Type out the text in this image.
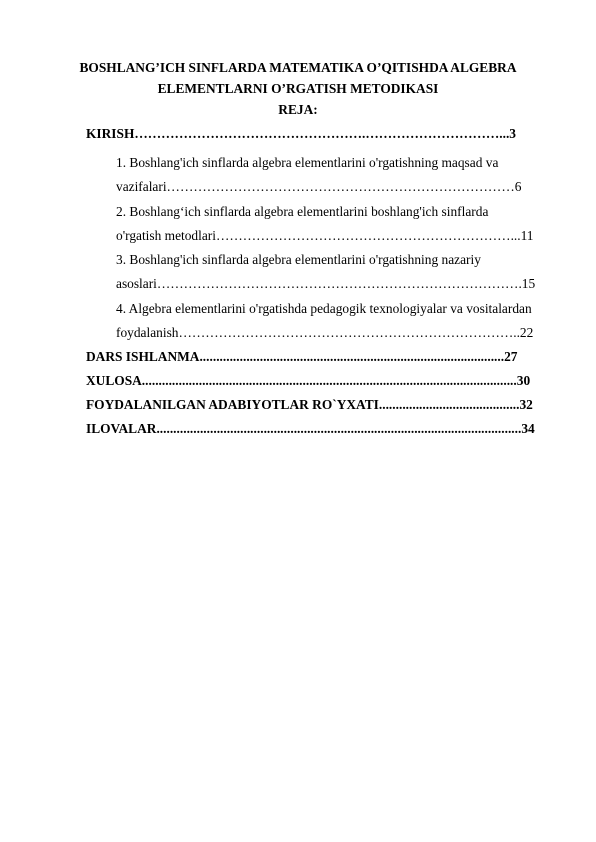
BOSHLANG’ICH SINFLARDA MATEMATIKA O’QITISHDA ALGEBRA
ELEMENTLARNI O’RGATISH METODIKASI
REJA:
KIRISH…………………………………………….…………………………...3
1. Boshlang'ich sinflarda algebra elementlarini o'rgatishning maqsad va
vazifalari……………………………………………………………………6
2. Boshlang‘ich sinflarda algebra elementlarini boshlang'ich sinflarda
o'rgatish metodlari…………………………………………………………...11
3. Boshlang'ich sinflarda algebra elementlarini o'rgatishning nazariy
asoslari……………………………………………………………………….15
4. Algebra elementlarini o'rgatishda pedagogik texnologiyalar va vositalardan
foydalanish…………………………………………………………………..22
DARS ISHLANMA...........................................................................................27
XULOSA................................................................................................................30
FOYDALANILGAN ADABIYOTLAR RO`YXATI..........................................32
ILOVALAR.............................................................................................................34
